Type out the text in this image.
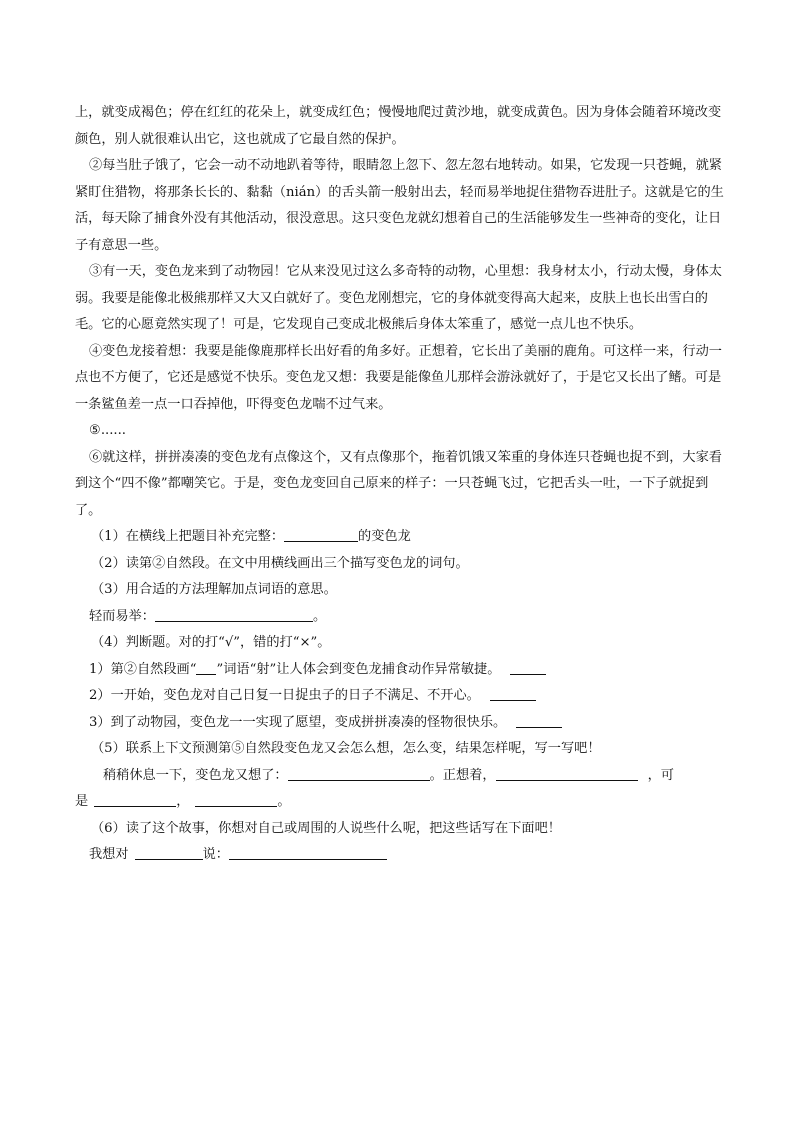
上，就变成褐色；停在红红的花朵上，就变成红色；慢慢地爬过黄沙地，就变成黄色。因为身体会随着环境改变颜色，别人就很难认出它，这也就成了它最自然的保护。

②每当肚子饿了，它会一动不动地趴着等待，眼睛忽上忽下、忽左忽右地转动。如果，它发现一只苍蝇，就紧紧盯住猎物，将那条长长的、黏黏（nián）的舌头箭一般射出去，轻而易举地捉住猎物吞进肚子。这就是它的生活，每天除了捕食外没有其他活动，很没意思。这只变色龙就幻想着自己的生活能够发生一些神奇的变化，让日子有意思一些。

③有一天，变色龙来到了动物园！它从来没见过这么多奇特的动物，心里想：我身材太小，行动太慢，身体太弱。我要是能像北极熊那样又大又白就好了。变色龙刚想完，它的身体就变得高大起来，皮肤上也长出雪白的毛。它的心愿竟然实现了！可是，它发现自己变成北极熊后身体太笨重了，感觉一点儿也不快乐。

④变色龙接着想：我要是能像鹿那样长出好看的角多好。正想着，它长出了美丽的鹿角。可这样一来，行动一点也不方便了，它还是感觉不快乐。变色龙又想：我要是能像鱼儿那样会游泳就好了，于是它又长出了鳍。可是一条鲨鱼差一点一口吞掉他，吓得变色龙喘不过气来。

⑤......

⑥就这样，拼拼凑凑的变色龙有点像这个，又有点像那个，拖着饥饿又笨重的身体连只苍蝇也捉不到，大家看到这个“四不像”都嘲笑它。于是，变色龙变回自己原来的样子：一只苍蝇飞过，它把舌头一吐，一下子就捉到了。

（1）在横线上把题目补充完整：	的变色龙

（2）读第②自然段。在文中用横线画出三个描写变色龙的词句。

（3）用合适的方法理解加点词语的意思。

轻而易举：	。

（4）判断题。对的打“√”，错的打“×”。

1）第②自然段画“ ”词语“射”让人体会到变色龙捕食动作异常敏捷。

2）一开始，变色龙对自己日复一日捉虫子的日子不满足、不开心。

3）到了动物园，变色龙一一实现了愿望，变成拼拼凑凑的怪物很快乐。

（5）联系上下文预测第⑤自然段变色龙又会怎么想，怎么变，结果怎样呢，写一写吧！

稍稍休息一下，变色龙又想了：	。正想着，	，可

是	，	。

（6）读了这个故事，你想对自己或周围的人说些什么呢，把这些话写在下面吧！

我想对	说：
